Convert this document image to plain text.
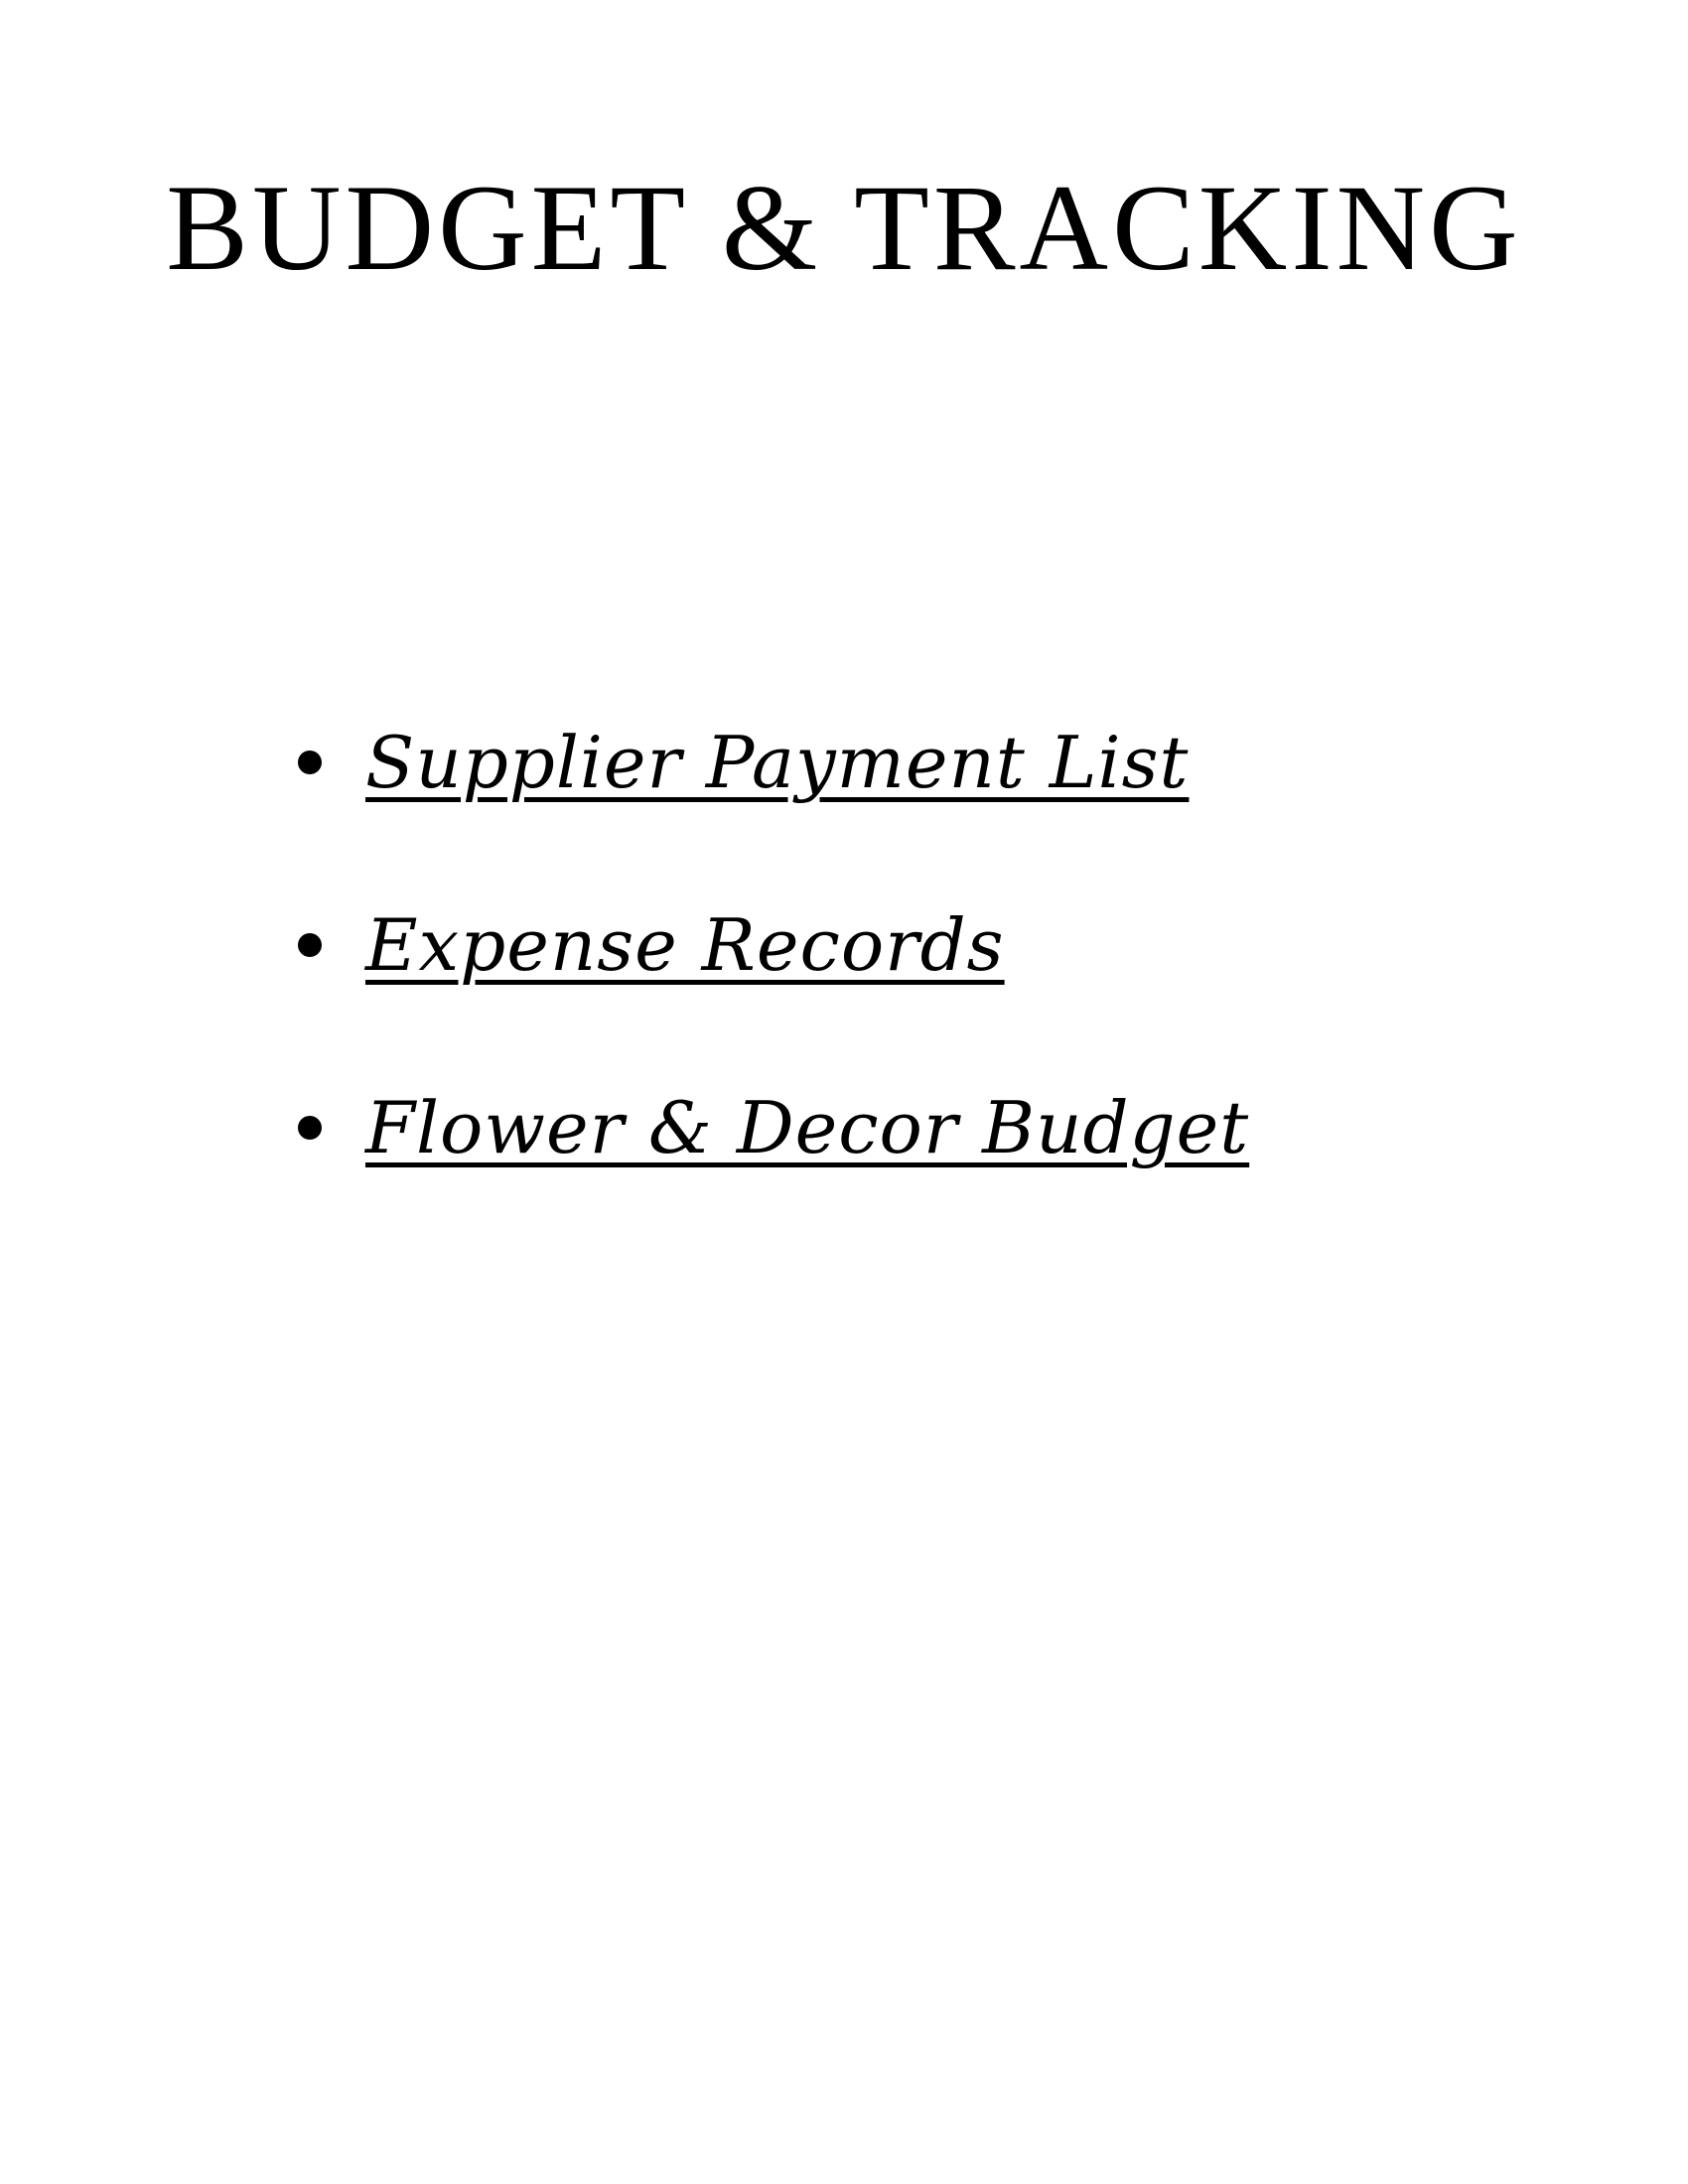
BUDGET & TRACKING
Supplier Payment List
Expense Records
Flower & Decor Budget
